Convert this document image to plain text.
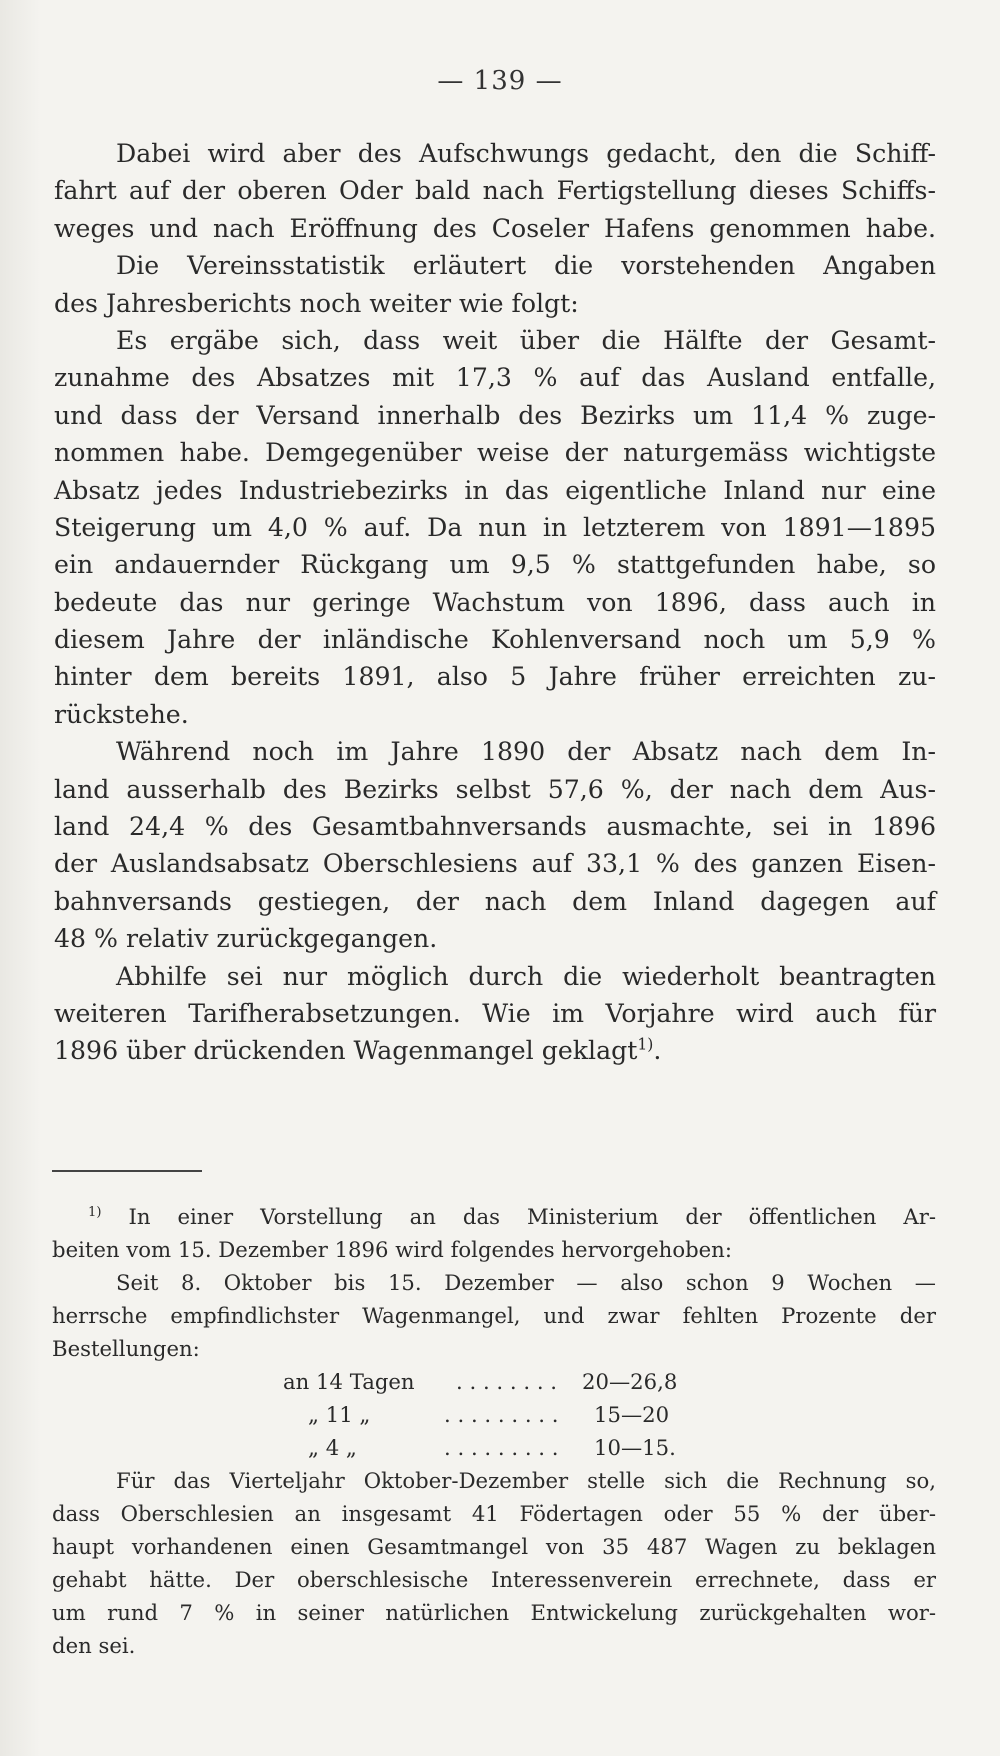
— 139 —
Dabei wird aber des Aufschwungs gedacht, den die Schiff-
fahrt auf der oberen Oder bald nach Fertigstellung dieses Schiffs-
weges und nach Eröffnung des Coseler Hafens genommen habe.
Die Vereinsstatistik erläutert die vorstehenden Angaben
des Jahresberichts noch weiter wie folgt:
Es ergäbe sich, dass weit über die Hälfte der Gesamt-
zunahme des Absatzes mit 17,3 % auf das Ausland entfalle,
und dass der Versand innerhalb des Bezirks um 11,4 % zuge-
nommen habe. Demgegenüber weise der naturgemäss wichtigste
Absatz jedes Industriebezirks in das eigentliche Inland nur eine
Steigerung um 4,0 % auf. Da nun in letzterem von 1891—1895
ein andauernder Rückgang um 9,5 % stattgefunden habe, so
bedeute das nur geringe Wachstum von 1896, dass auch in
diesem Jahre der inländische Kohlenversand noch um 5,9 %
hinter dem bereits 1891, also 5 Jahre früher erreichten zu-
rückstehe.
Während noch im Jahre 1890 der Absatz nach dem In-
land ausserhalb des Bezirks selbst 57,6 %, der nach dem Aus-
land 24,4 % des Gesamtbahnversands ausmachte, sei in 1896
der Auslandsabsatz Oberschlesiens auf 33,1 % des ganzen Eisen-
bahnversands gestiegen, der nach dem Inland dagegen auf
48 % relativ zurückgegangen.
Abhilfe sei nur möglich durch die wiederholt beantragten
weiteren Tarifherabsetzungen. Wie im Vorjahre wird auch für
1896 über drückenden Wagenmangel geklagt$^{1)}$.
$^{1)}$ In einer Vorstellung an das Ministerium der öffentlichen Ar-
beiten vom 15. Dezember 1896 wird folgendes hervorgehoben:
Seit 8. Oktober bis 15. Dezember — also schon 9 Wochen —
herrsche empfindlichster Wagenmangel, und zwar fehlten Prozente der
Bestellungen:
an 14 Tagen . . . . . . . . 20—26,8
„ 11 „	. . . . . . . . . 15—20
„ 4 „	. . . . . . . . . 10—15.
Für das Vierteljahr Oktober-Dezember stelle sich die Rechnung so,
dass Oberschlesien an insgesamt 41 Födertagen oder 55 % der über-
haupt vorhandenen einen Gesamtmangel von 35 487 Wagen zu beklagen
gehabt hätte. Der oberschlesische Interessenverein errechnete, dass er
um rund 7 % in seiner natürlichen Entwickelung zurückgehalten wor-
den sei.
